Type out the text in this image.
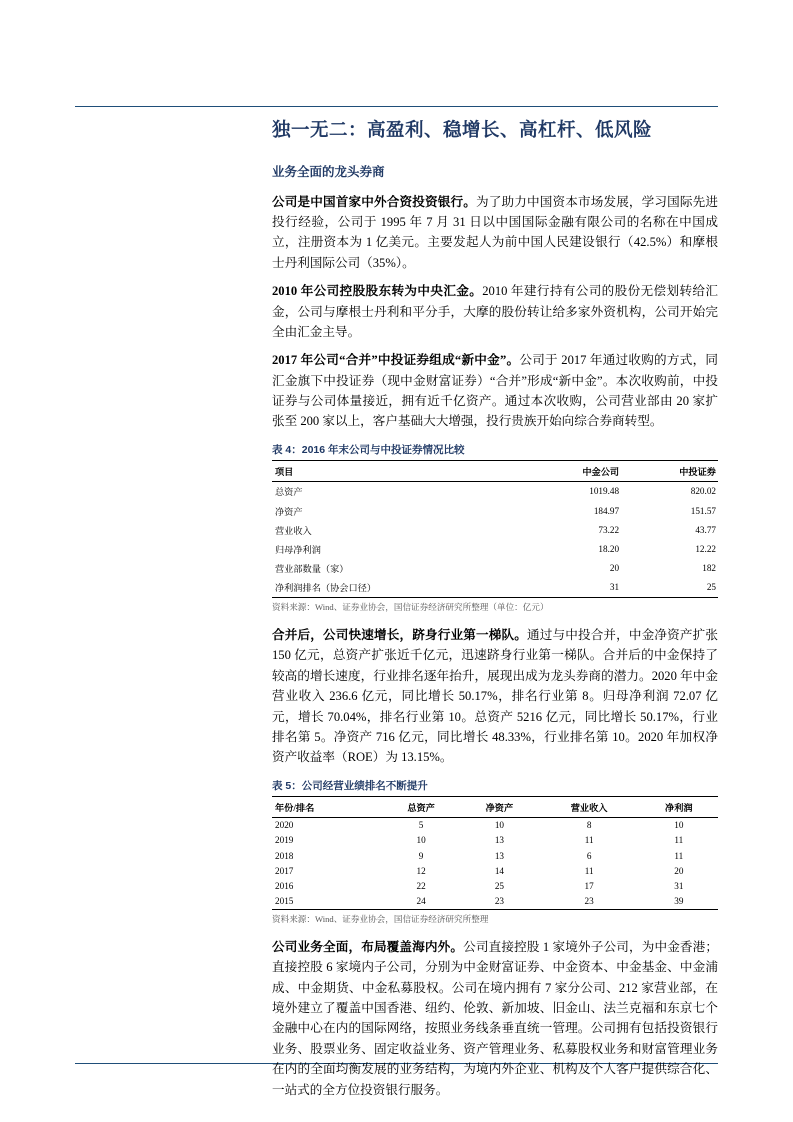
独一无二：高盈利、稳增长、高杠杆、低风险
业务全面的龙头券商

公司是中国首家中外合资投资银行。为了助力中国资本市场发展，学习国际先进投行经验，公司于 1995 年 7 月 31 日以中国国际金融有限公司的名称在中国成立，注册资本为 1 亿美元。主要发起人为前中国人民建设银行（42.5%）和摩根士丹利国际公司（35%）。

2010 年公司控股股东转为中央汇金。2010 年建行持有公司的股份无偿划转给汇金，公司与摩根士丹利和平分手，大摩的股份转让给多家外资机构，公司开始完全由汇金主导。

2017 年公司“合并”中投证券组成“新中金”。公司于 2017 年通过收购的方式，同汇金旗下中投证券（现中金财富证券）“合并”形成“新中金”。本次收购前，中投证券与公司体量接近，拥有近千亿资产。通过本次收购，公司营业部由 20 家扩张至 200 家以上，客户基础大大增强，投行贵族开始向综合券商转型。

表 4：2016 年末公司与中投证券情况比较
项目	中金公司	中投证券
总资产	1019.48	820.02
净资产	184.97	151.57
营业收入	73.22	43.77
归母净利润	18.20	12.22
营业部数量（家）	20	182
净利润排名（协会口径）	31	25
资料来源：Wind、证券业协会，国信证券经济研究所整理（单位：亿元）

合并后，公司快速增长，跻身行业第一梯队。通过与中投合并，中金净资产扩张 150 亿元，总资产扩张近千亿元，迅速跻身行业第一梯队。合并后的中金保持了较高的增长速度，行业排名逐年抬升，展现出成为龙头券商的潜力。2020 年中金营业收入 236.6 亿元，同比增长 50.17%，排名行业第 8。归母净利润 72.07 亿元，增长 70.04%，排名行业第 10。总资产 5216 亿元，同比增长 50.17%，行业排名第 5。净资产 716 亿元，同比增长 48.33%，行业排名第 10。2020 年加权净资产收益率（ROE）为 13.15%。

表 5：公司经营业绩排名不断提升
年份/排名	总资产	净资产	营业收入	净利润
2020	5	10	8	10
2019	10	13	11	11
2018	9	13	6	11
2017	12	14	11	20
2016	22	25	17	31
2015	24	23	23	39
资料来源：Wind、证券业协会，国信证券经济研究所整理

公司业务全面，布局覆盖海内外。公司直接控股 1 家境外子公司，为中金香港；直接控股 6 家境内子公司，分别为中金财富证券、中金资本、中金基金、中金浦成、中金期货、中金私募股权。公司在境内拥有 7 家分公司、212 家营业部，在境外建立了覆盖中国香港、纽约、伦敦、新加坡、旧金山、法兰克福和东京七个金融中心在内的国际网络，按照业务线条垂直统一管理。公司拥有包括投资银行业务、股票业务、固定收益业务、资产管理业务、私募股权业务和财富管理业务在内的全面均衡发展的业务结构，为境内外企业、机构及个人客户提供综合化、一站式的全方位投资银行服务。
